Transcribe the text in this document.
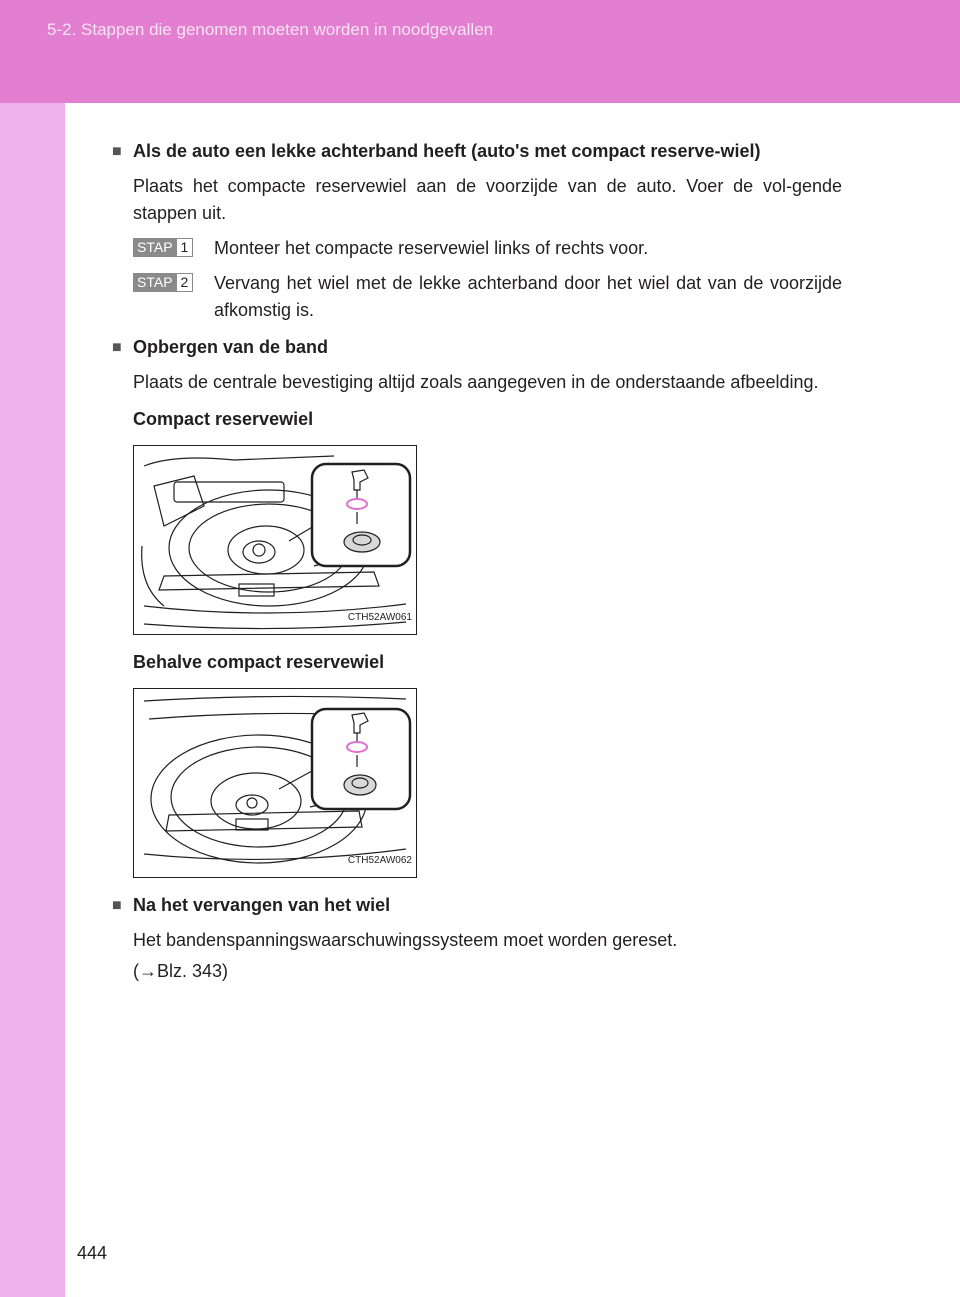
5-2. Stappen die genomen moeten worden in noodgevallen
444
■ Als de auto een lekke achterband heeft (auto's met compact reserve-wiel)
Plaats het compacte reservewiel aan de voorzijde van de auto. Voer de vol-gende stappen uit.
STAP 1 Monteer het compacte reservewiel links of rechts voor.
STAP 2 Vervang het wiel met de lekke achterband door het wiel dat van de voorzijde afkomstig is.
■ Opbergen van de band
Plaats de centrale bevestiging altijd zoals aangegeven in de onderstaande afbeelding.
Compact reservewiel
CTH52AW061
Behalve compact reservewiel
CTH52AW062
■ Na het vervangen van het wiel
Het bandenspanningswaarschuwingssysteem moet worden gereset.
(→Blz. 343)
